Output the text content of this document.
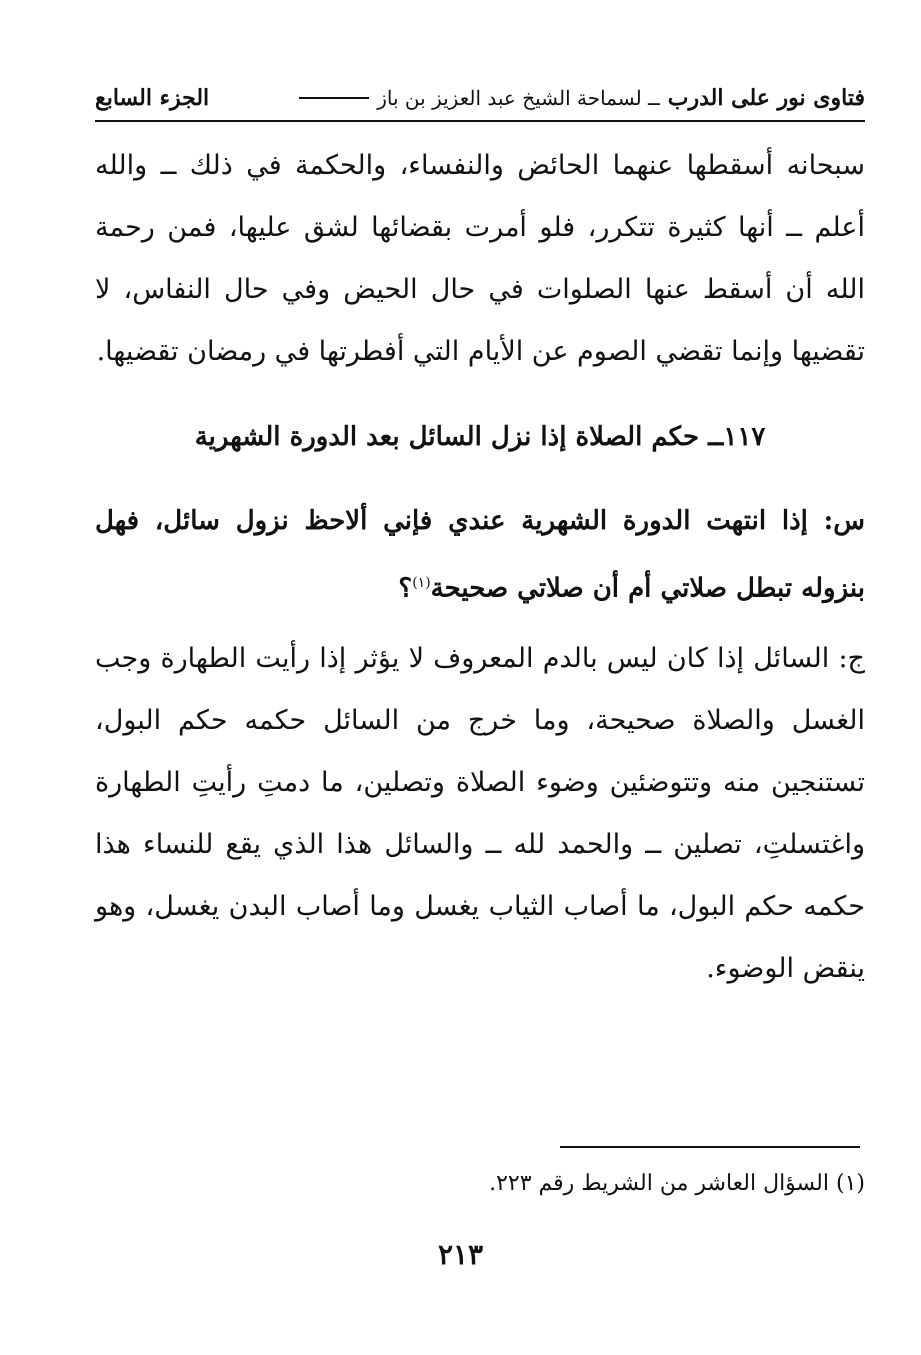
فتاوى نور على الدرب
ــ لسماحة الشيخ عبد العزيز بن باز
الجزء السابع

سبحانه أسقطها عنهما الحائض والنفساء، والحكمة في ذلك ــ والله أعلم ــ أنها كثيرة تتكرر، فلو أمرت بقضائها لشق عليها، فمن رحمة الله أن أسقط عنها الصلوات في حال الحيض وفي حال النفاس، لا تقضيها وإنما تقضي الصوم عن الأيام التي أفطرتها في رمضان تقضيها.

١١٧ــ حكم الصلاة إذا نزل السائل بعد الدورة الشهرية

س: إذا انتهت الدورة الشهرية عندي فإني ألاحظ نزول سائل، فهل بنزوله تبطل صلاتي أم أن صلاتي صحيحة$^{(١)}$؟

ج: السائل إذا كان ليس بالدم المعروف لا يؤثر إذا رأيت الطهارة وجب الغسل والصلاة صحيحة، وما خرج من السائل حكمه حكم البول، تستنجين منه وتتوضئين وضوء الصلاة وتصلين، ما دمتِ رأيتِ الطهارة واغتسلتِ، تصلين ــ والحمد لله ــ والسائل هذا الذي يقع للنساء هذا حكمه حكم البول، ما أصاب الثياب يغسل وما أصاب البدن يغسل، وهو ينقض الوضوء.

(١) السؤال العاشر من الشريط رقم ٢٢٣.

٢١٣
